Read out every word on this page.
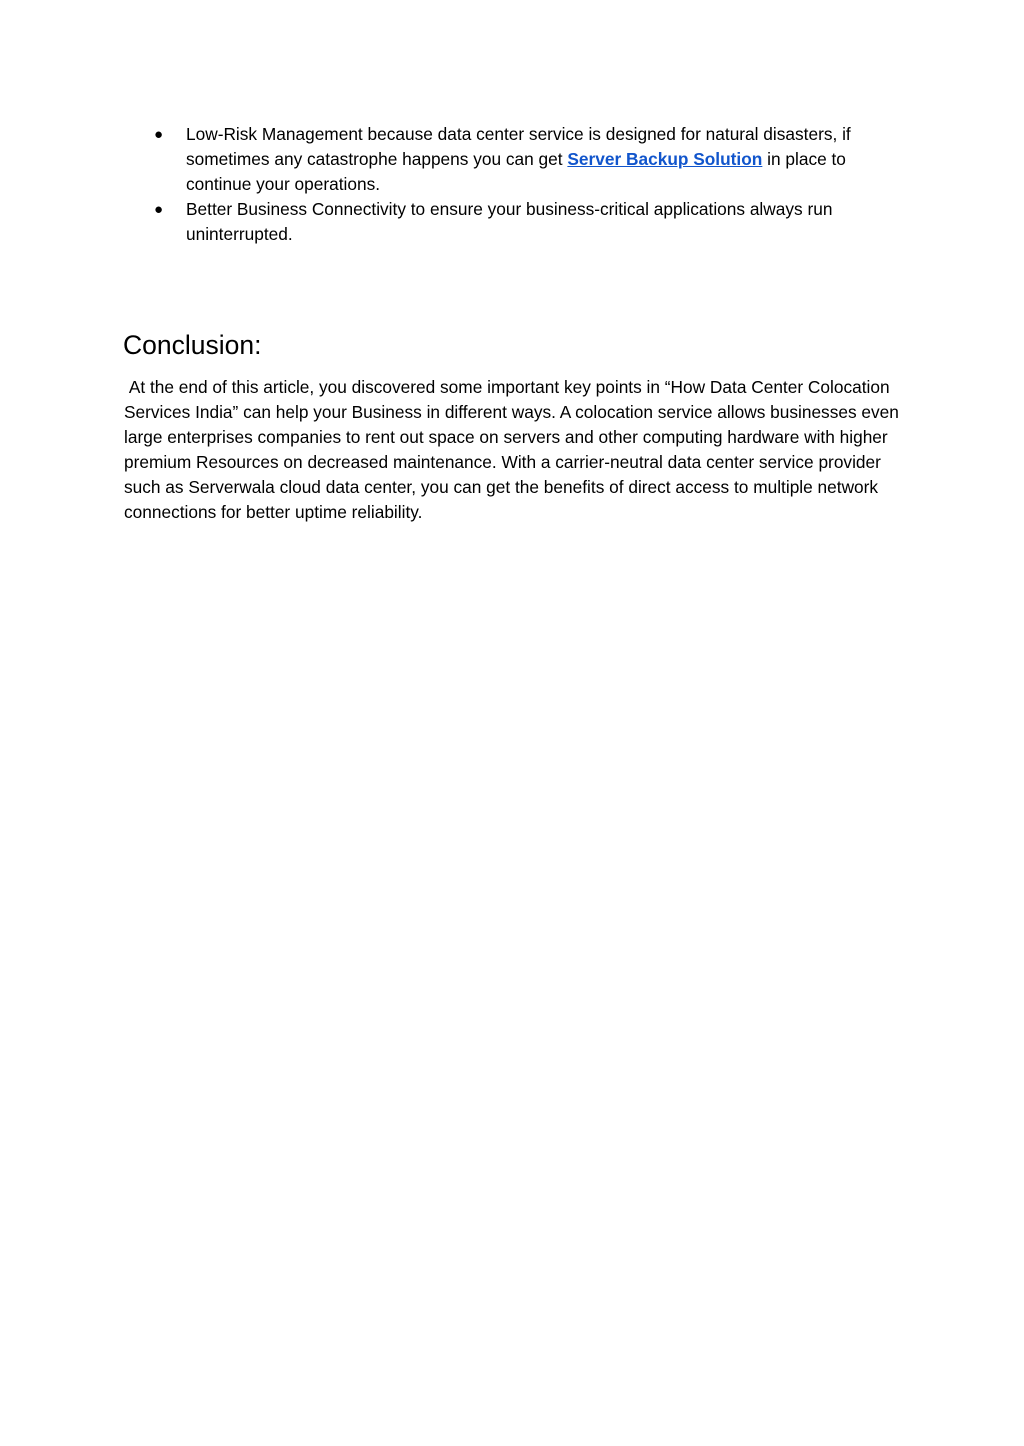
● Low-Risk Management because data center service is designed for natural disasters, if sometimes any catastrophe happens you can get Server Backup Solution in place to continue your operations.
● Better Business Connectivity to ensure your business-critical applications always run uninterrupted.
Conclusion:

At the end of this article, you discovered some important key points in “How Data Center Colocation Services India” can help your Business in different ways. A colocation service allows businesses even large enterprises companies to rent out space on servers and other computing hardware with higher premium Resources on decreased maintenance. With a carrier-neutral data center service provider such as Serverwala cloud data center, you can get the benefits of direct access to multiple network connections for better uptime reliability.
